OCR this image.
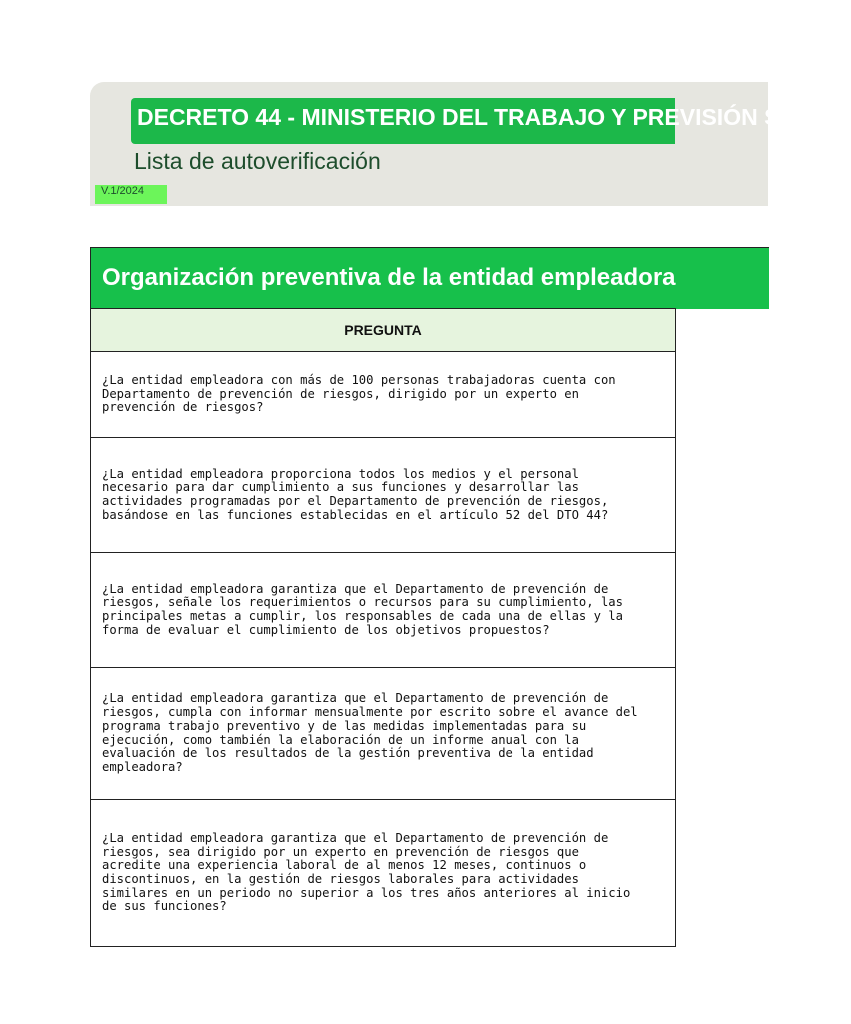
DECRETO 44 - MINISTERIO DEL TRABAJO Y PREVISIÓN SOCIAL
Lista de autoverificación
V.1/2024
Organización preventiva de la entidad empleadora
PREGUNTA
¿La entidad empleadora con más de 100 personas trabajadoras cuenta con
Departamento de prevención de riesgos, dirigido por un experto en
prevención de riesgos?
¿La entidad empleadora proporciona todos los medios y el personal
necesario para dar cumplimiento a sus funciones y desarrollar las
actividades programadas por el Departamento de prevención de riesgos,
basándose en las funciones establecidas en el artículo 52 del DTO 44?
¿La entidad empleadora garantiza que el Departamento de prevención de
riesgos, señale los requerimientos o recursos para su cumplimiento, las
principales metas a cumplir, los responsables de cada una de ellas y la
forma de evaluar el cumplimiento de los objetivos propuestos?
¿La entidad empleadora garantiza que el Departamento de prevención de
riesgos, cumpla con informar mensualmente por escrito sobre el avance del
programa trabajo preventivo y de las medidas implementadas para su
ejecución, como también la elaboración de un informe anual con la
evaluación de los resultados de la gestión preventiva de la entidad
empleadora?
¿La entidad empleadora garantiza que el Departamento de prevención de
riesgos, sea dirigido por un experto en prevención de riesgos que
acredite una experiencia laboral de al menos 12 meses, continuos o
discontinuos, en la gestión de riesgos laborales para actividades
similares en un periodo no superior a los tres años anteriores al inicio
de sus funciones?
